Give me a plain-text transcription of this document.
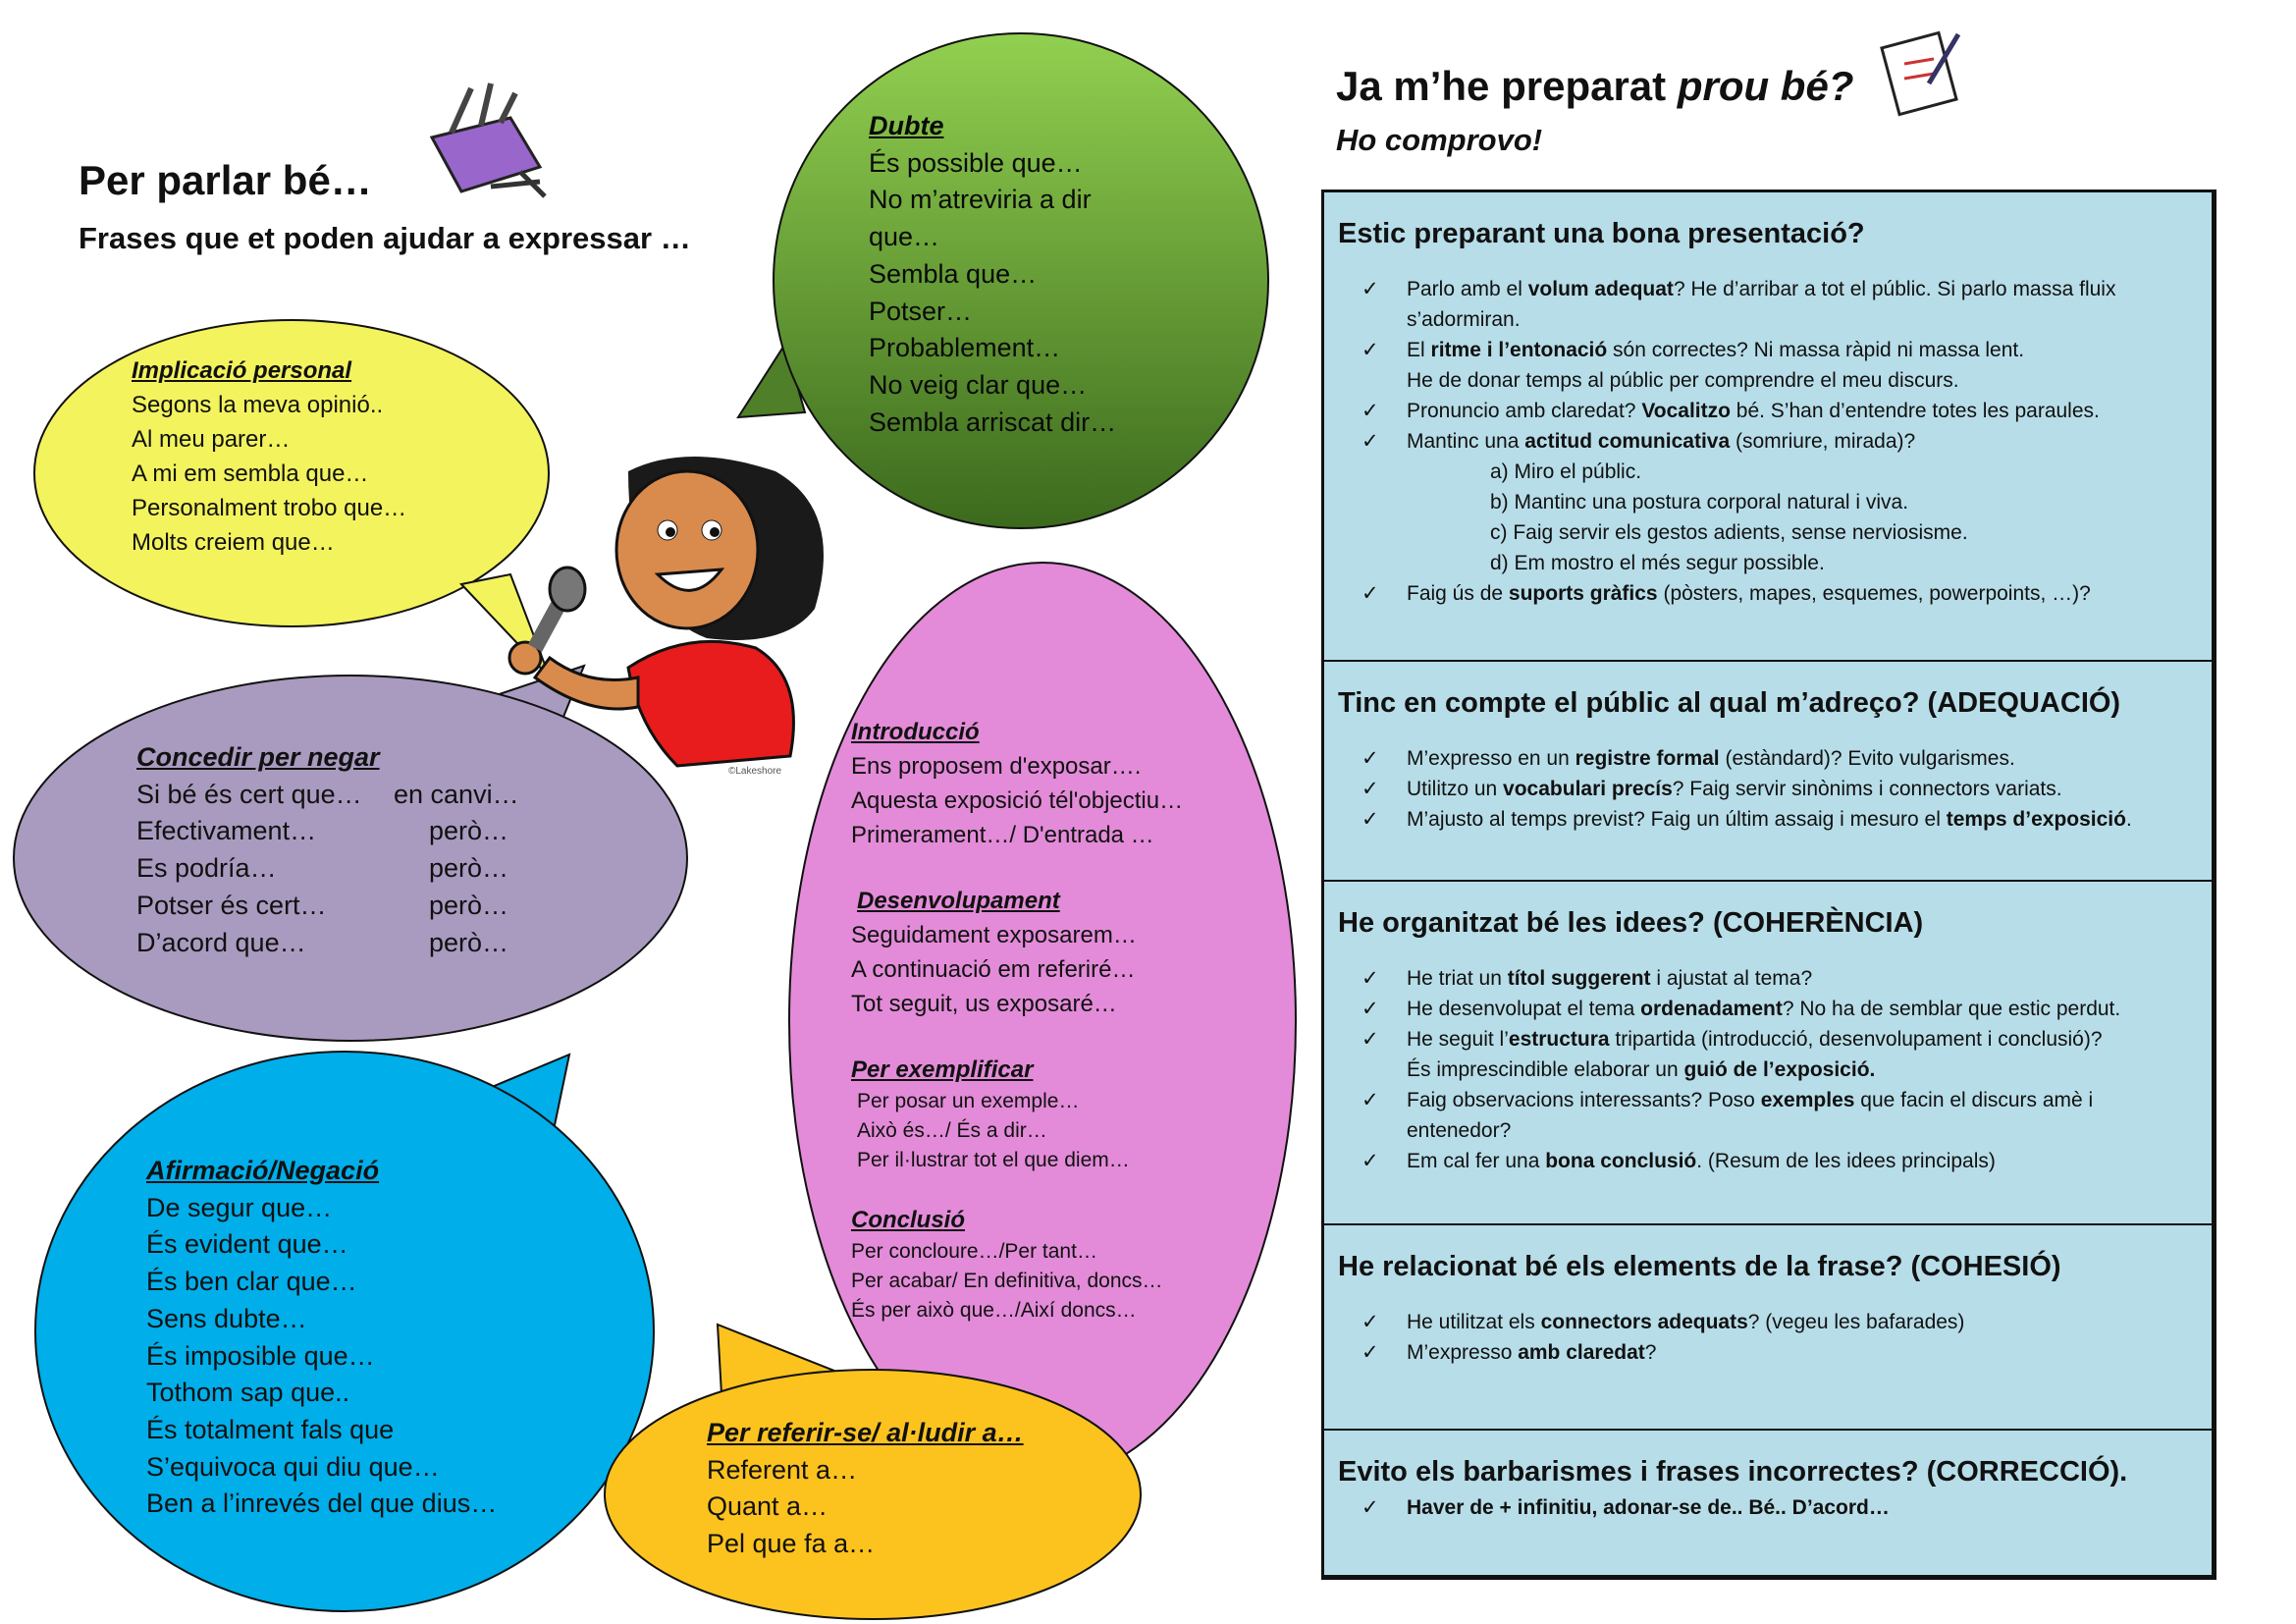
Per parlar bé…
Frases que et poden ajudar a expressar …
Implicació personal
Segons la meva opinió..
Al meu parer…
A mi em sembla que…
Personalment trobo que…
Molts creiem que…
Dubte
És possible que…
No m’atreviria a dir
que…
Sembla que…
Potser…
Probablement…
No veig clar que…
Sembla arriscat dir…
Concedir per negar
Si bé és cert que…	en canvi…
Efectivament…	però…
Es podría…	però…
Potser és cert…	però…
D’acord que…	però…
©Lakeshore
Introducció
Ens proposem d'exposar….
Aquesta exposició tél'objectiu…
Primerament…/ D'entrada …
Desenvolupament
Seguidament exposarem…
A continuació em referiré…
Tot seguit, us exposaré…
Per exemplificar
Per posar un exemple…
Això és…/ És a dir…
Per il·lustrar tot el que diem…
Conclusió
Per concloure…/Per tant…
Per acabar/ En definitiva, doncs…
És per això que…/Així doncs…
Afirmació/Negació
De segur que…
És evident que…
És ben clar que…
Sens dubte…
És imposible que…
Tothom sap que..
És totalment fals que
S’equivoca qui diu que…
Ben a l’inrevés del que dius…
Per referir-se/ al·ludir a…
Referent a…
Quant a…
Pel que fa a…
Ja m’he preparat prou bé?
Ho comprovo!
Estic preparant una bona presentació?
✓	Parlo amb el volum adequat? He d’arribar a tot el públic. Si parlo massa fluix s’adormiran.
✓	El ritme i l’entonació són correctes? Ni massa ràpid ni massa lent.
He de donar temps al públic per comprendre el meu discurs.
✓	Pronuncio amb claredat? Vocalitzo bé. S’han d’entendre totes les paraules.
✓	Mantinc una actitud comunicativa (somriure, mirada)?
a) Miro el públic.
b) Mantinc una postura corporal natural i viva.
c) Faig servir els gestos adients, sense nerviosisme.
d) Em mostro el més segur possible.
✓	Faig ús de suports gràfics (pòsters, mapes, esquemes, powerpoints, …)?
Tinc en compte el públic al qual m’adreço? (ADEQUACIÓ)
✓	M’expresso en un registre formal (estàndard)? Evito vulgarismes.
✓	Utilitzo un vocabulari precís? Faig servir sinònims i connectors variats.
✓	M’ajusto al temps previst? Faig un últim assaig i mesuro el temps d’exposició.
He organitzat bé les idees? (COHERÈNCIA)
✓	He triat un títol suggerent i ajustat al tema?
✓	He desenvolupat el tema ordenadament? No ha de semblar que estic perdut.
✓	He seguit l’estructura tripartida (introducció, desenvolupament i conclusió)?
És imprescindible elaborar un guió de l’exposició.
✓	Faig observacions interessants? Poso exemples que facin el discurs amè i entenedor?
✓	Em cal fer una bona conclusió. (Resum de les idees principals)
He relacionat bé els elements de la frase? (COHESIÓ)
✓	He utilitzat els connectors adequats? (vegeu les bafarades)
✓	M’expresso amb claredat?
Evito els barbarismes i frases incorrectes? (CORRECCIÓ).
✓	Haver de + infinitiu, adonar-se de.. Bé.. D’acord…
